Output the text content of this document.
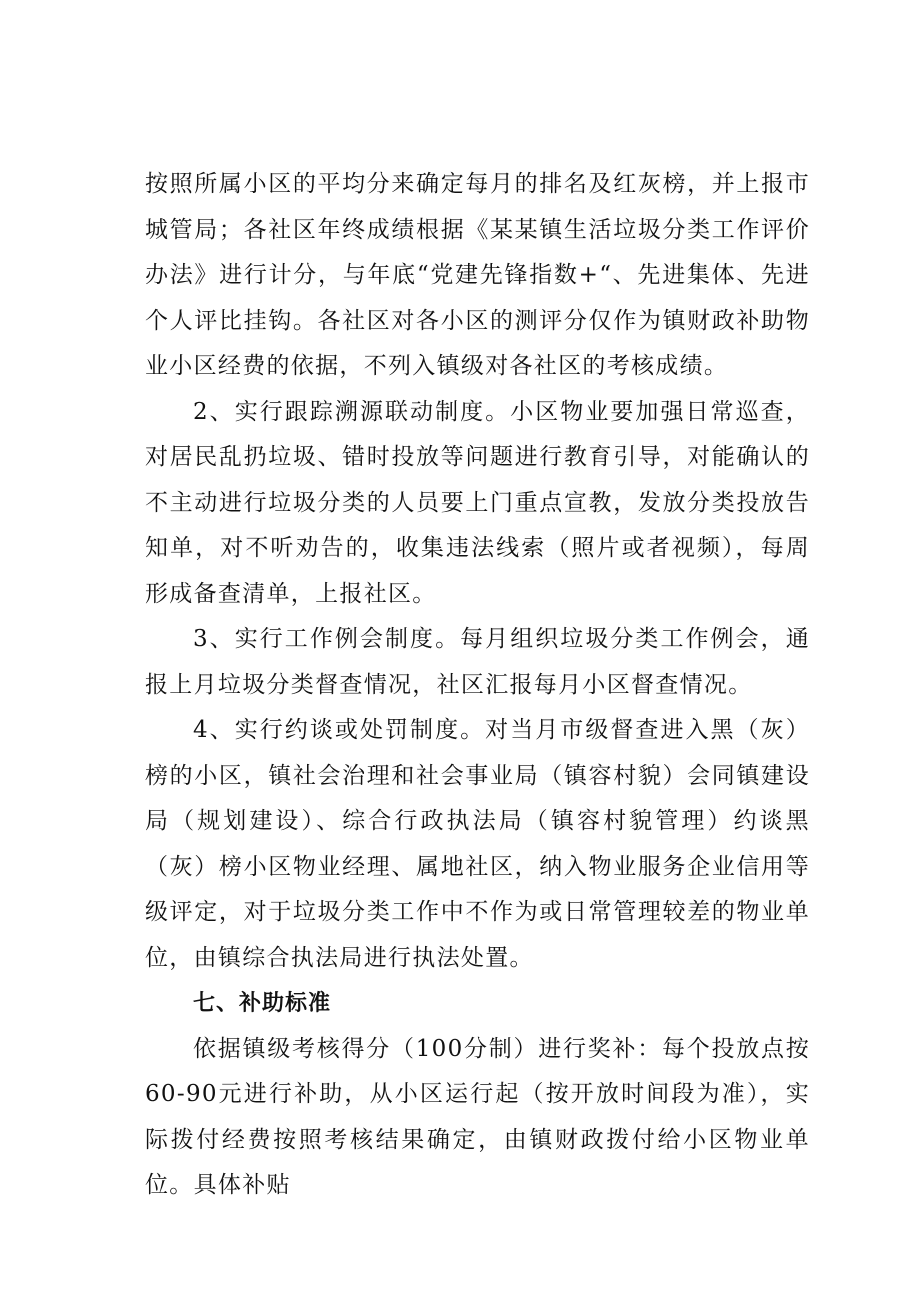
按照所属小区的平均分来确定每月的排名及红灰榜，并上报市城管局；各社区年终成绩根据《某某镇生活垃圾分类工作评价办法》进行计分，与年底“党建先锋指数+“、先进集体、先进个人评比挂钩。各社区对各小区的测评分仅作为镇财政补助物业小区经费的依据，不列入镇级对各社区的考核成绩。

2、实行跟踪溯源联动制度。小区物业要加强日常巡查，对居民乱扔垃圾、错时投放等问题进行教育引导，对能确认的不主动进行垃圾分类的人员要上门重点宣教，发放分类投放告知单，对不听劝告的，收集违法线索（照片或者视频），每周形成备查清单，上报社区。

3、实行工作例会制度。每月组织垃圾分类工作例会，通报上月垃圾分类督查情况，社区汇报每月小区督查情况。

4、实行约谈或处罚制度。对当月市级督查进入黑（灰）榜的小区，镇社会治理和社会事业局（镇容村貌）会同镇建设局（规划建设）、综合行政执法局（镇容村貌管理）约谈黑（灰）榜小区物业经理、属地社区，纳入物业服务企业信用等级评定，对于垃圾分类工作中不作为或日常管理较差的物业单位，由镇综合执法局进行执法处置。

七、补助标准

依据镇级考核得分（100分制）进行奖补：每个投放点按60-90元进行补助，从小区运行起（按开放时间段为准），实际拨付经费按照考核结果确定，由镇财政拨付给小区物业单位。具体补贴
